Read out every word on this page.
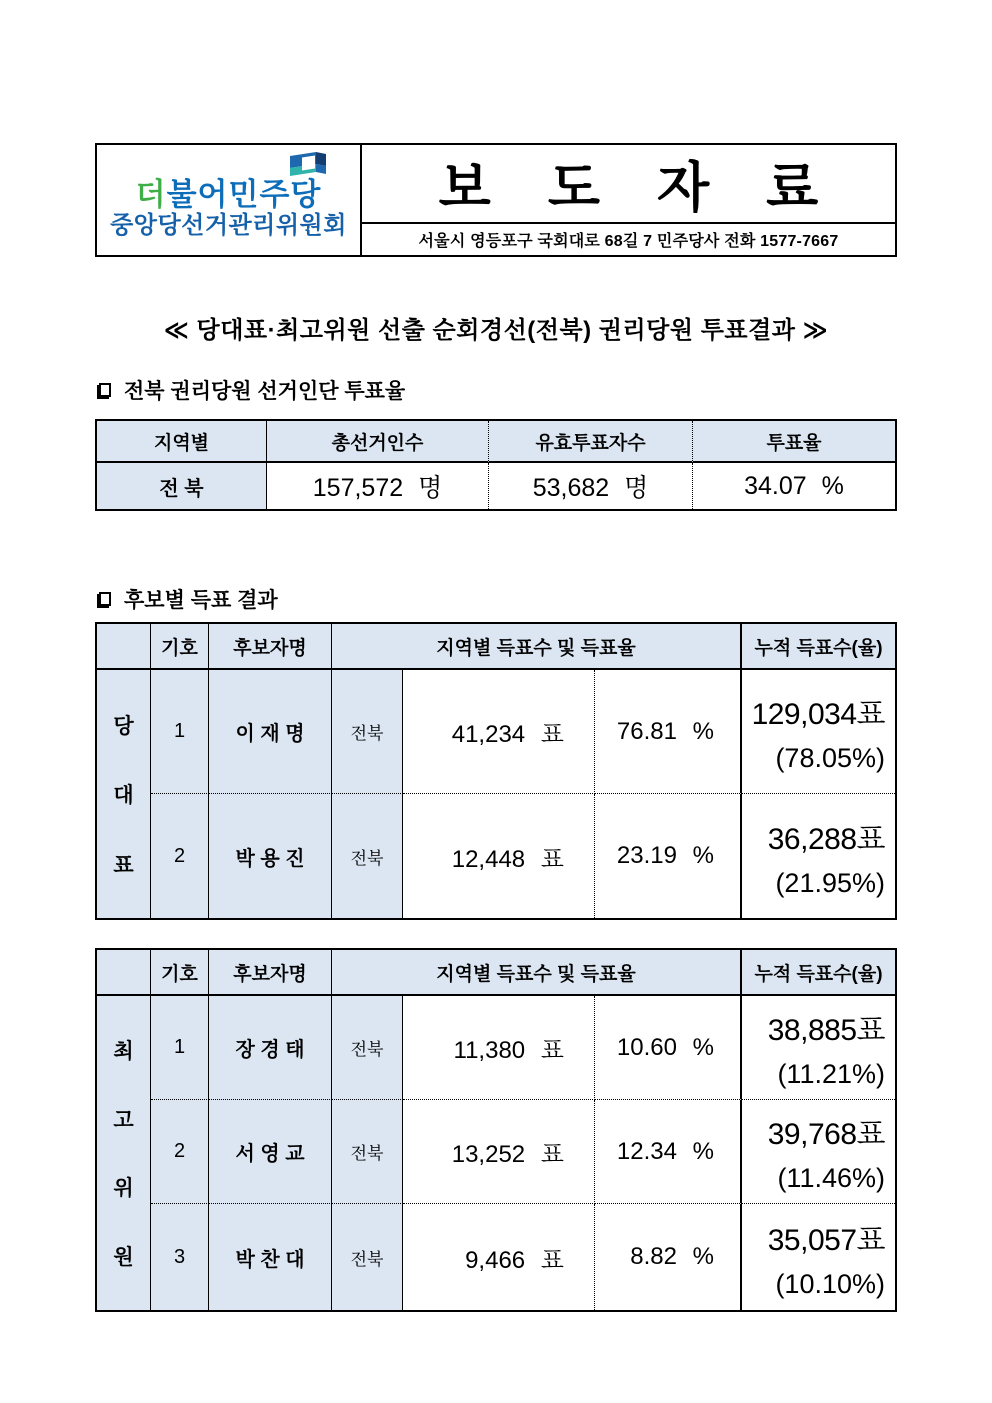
더불어민주당
중앙당선거관리위원회
보 도 자 료
서울시 영등포구 국회대로 68길 7 민주당사 전화 1577-7667
≪ 당대표·최고위원 선출 순회경선(전북) 권리당원 투표결과 ≫
전북 권리당원 선거인단 투표율
지역별	총선거인수	유효투표자수	투표율
전 북	157,572 명	53,682 명	34.07 %
후보별 득표 결과
기호	후보자명	지역별 득표수 및 득표율	누적 득표수(율)
당
대
표
1	이 재 명	전북	41,234 표	76.81 %	129,034표
(78.05%)
2	박 용 진	전북	12,448 표	23.19 %	36,288표
(21.95%)
기호	후보자명	지역별 득표수 및 득표율	누적 득표수(율)
최
고
위
원
1	장 경 태	전북	11,380 표	10.60 %	38,885표
(11.21%)
2	서 영 교	전북	13,252 표	12.34 %	39,768표
(11.46%)
3	박 찬 대	전북	9,466 표	8.82 %	35,057표
(10.10%)
